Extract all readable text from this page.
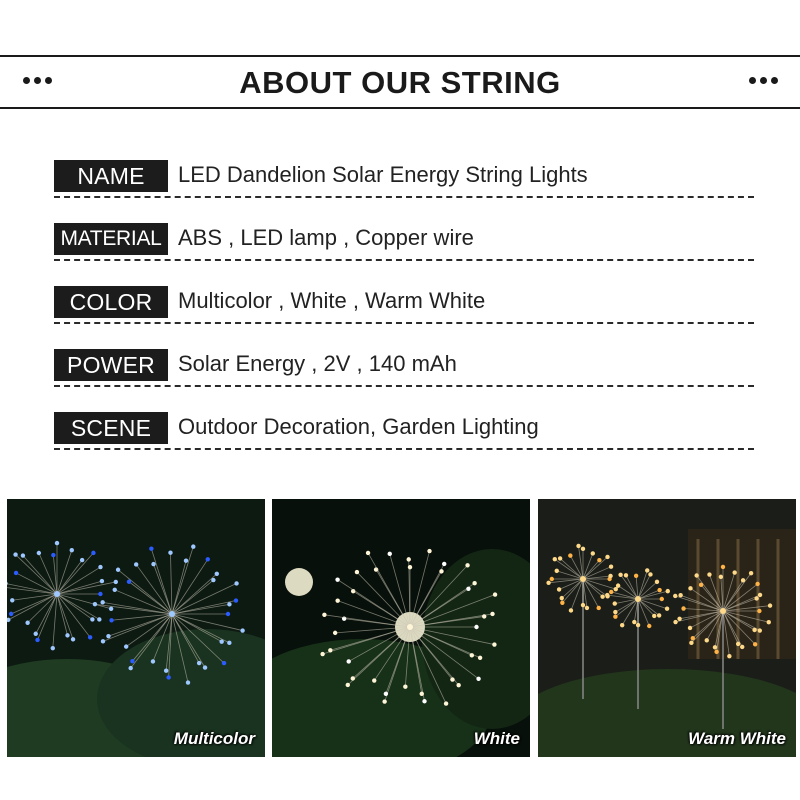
ABOUT OUR STRING
NAME	LED Dandelion Solar Energy String Lights
MATERIAL ABS , LED lamp , Copper wire
COLOR	Multicolor , White , Warm White
POWER	Solar Energy , 2V , 140 mAh
SCENE	Outdoor Decoration, Garden Lighting
Multicolor	White	Warm White
